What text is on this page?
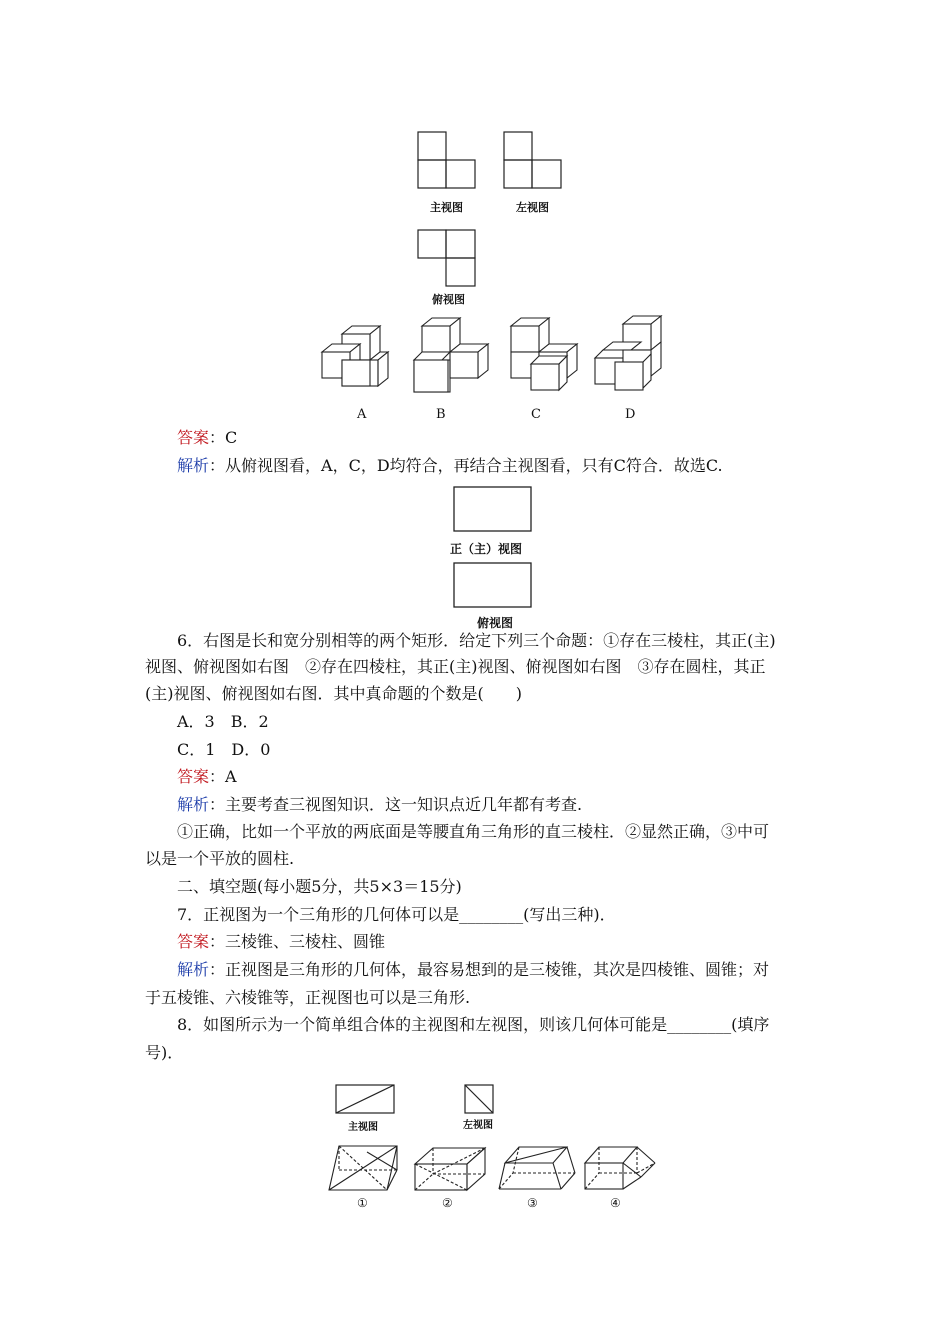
主视图	左视图
俯视图
A	B	C	D
答案：C
解析：从俯视图看，A，C，D均符合，再结合主视图看，只有C符合．故选C.
正（主）视图
俯视图
6．右图是长和宽分别相等的两个矩形．给定下列三个命题：①存在三棱柱，其正(主)
视图、俯视图如右图　②存在四棱柱，其正(主)视图、俯视图如右图　③存在圆柱，其正
(主)视图、俯视图如右图．其中真命题的个数是(　　)
A．3　B．2
C．1　D．0
答案：A
解析：主要考查三视图知识．这一知识点近几年都有考查.
①正确，比如一个平放的两底面是等腰直角三角形的直三棱柱．②显然正确，③中可
以是一个平放的圆柱.
二、填空题(每小题5分，共5×3＝15分)
7．正视图为一个三角形的几何体可以是________(写出三种)．
答案：三棱锥、三棱柱、圆锥
解析：正视图是三角形的几何体，最容易想到的是三棱锥，其次是四棱锥、圆锥；对
于五棱锥、六棱锥等，正视图也可以是三角形.
8．如图所示为一个简单组合体的主视图和左视图，则该几何体可能是________(填序
号)．
主视图	左视图
①	②	③	④
